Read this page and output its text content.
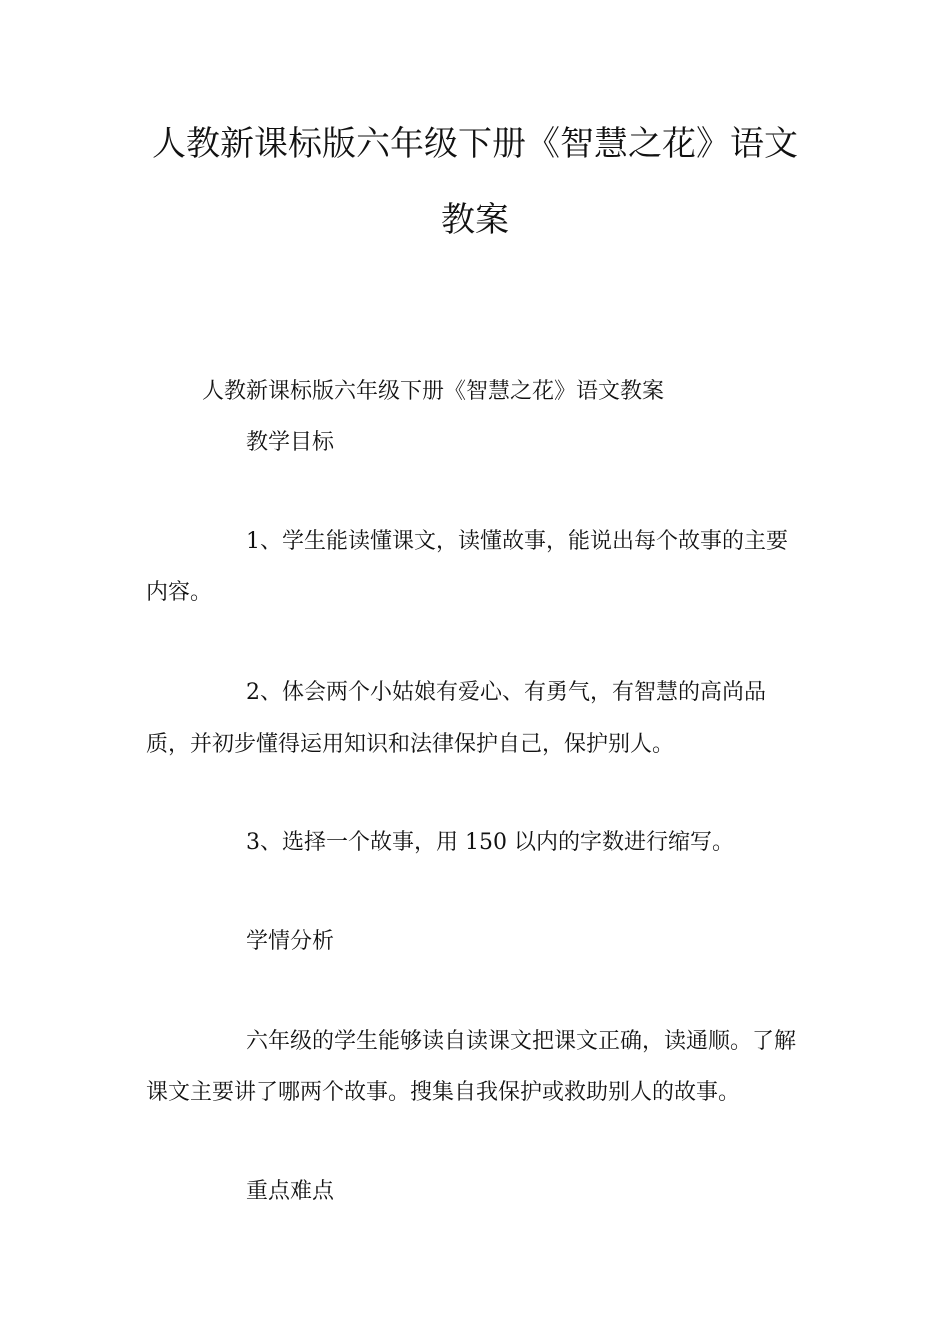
人教新课标版六年级下册《智慧之花》语文
教案

人教新课标版六年级下册《智慧之花》语文教案

教学目标

1、学生能读懂课文，读懂故事，能说出每个故事的主要

内容。

2、体会两个小姑娘有爱心、有勇气，有智慧的高尚品

质，并初步懂得运用知识和法律保护自己，保护别人。

3、选择一个故事，用 150 以内的字数进行缩写。

学情分析

六年级的学生能够读自读课文把课文正确，读通顺。了解

课文主要讲了哪两个故事。搜集自我保护或救助别人的故事。

重点难点
